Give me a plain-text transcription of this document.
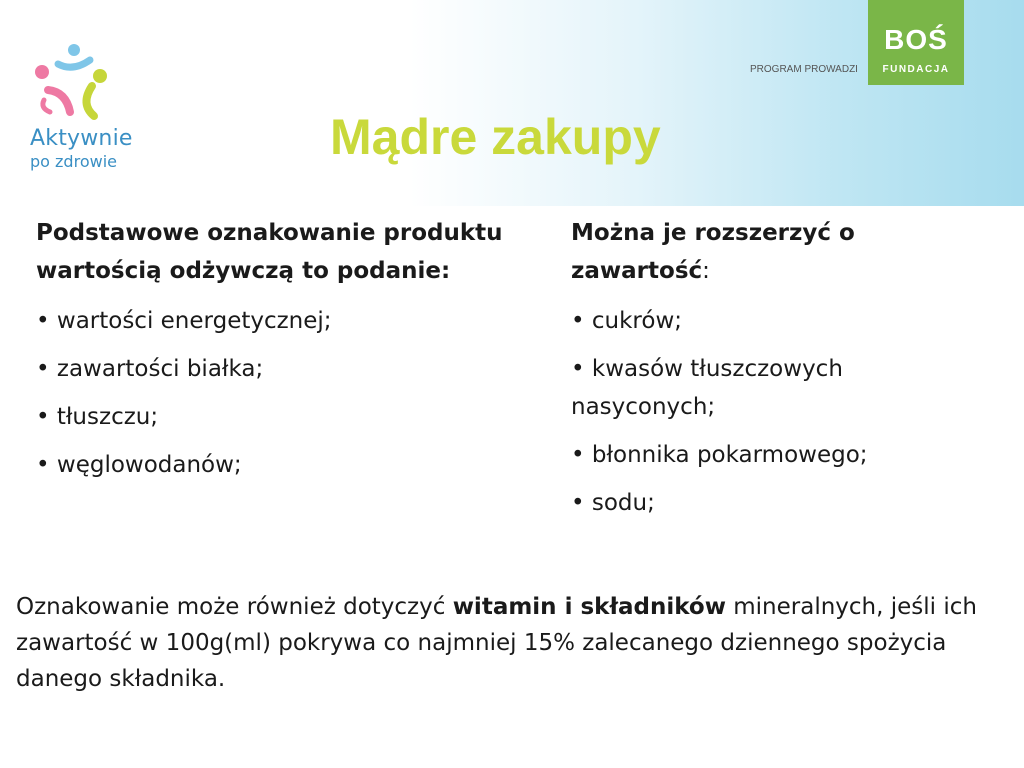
Aktywnie
po zdrowie
PROGRAM PROWADZI
BOŚ
FUNDACJA
Mądre zakupy
Podstawowe oznakowanie produktu wartością odżywczą to podanie:
• wartości energetycznej;
• zawartości białka;
• tłuszczu;
• węglowodanów;
Można je rozszerzyć o zawartość:
• cukrów;
• kwasów tłuszczowych nasyconych;
• błonnika pokarmowego;
• sodu;
Oznakowanie może również dotyczyć witamin i składników mineralnych, jeśli ich zawartość w 100g(ml) pokrywa co najmniej 15% zalecanego dziennego spożycia danego składnika.
